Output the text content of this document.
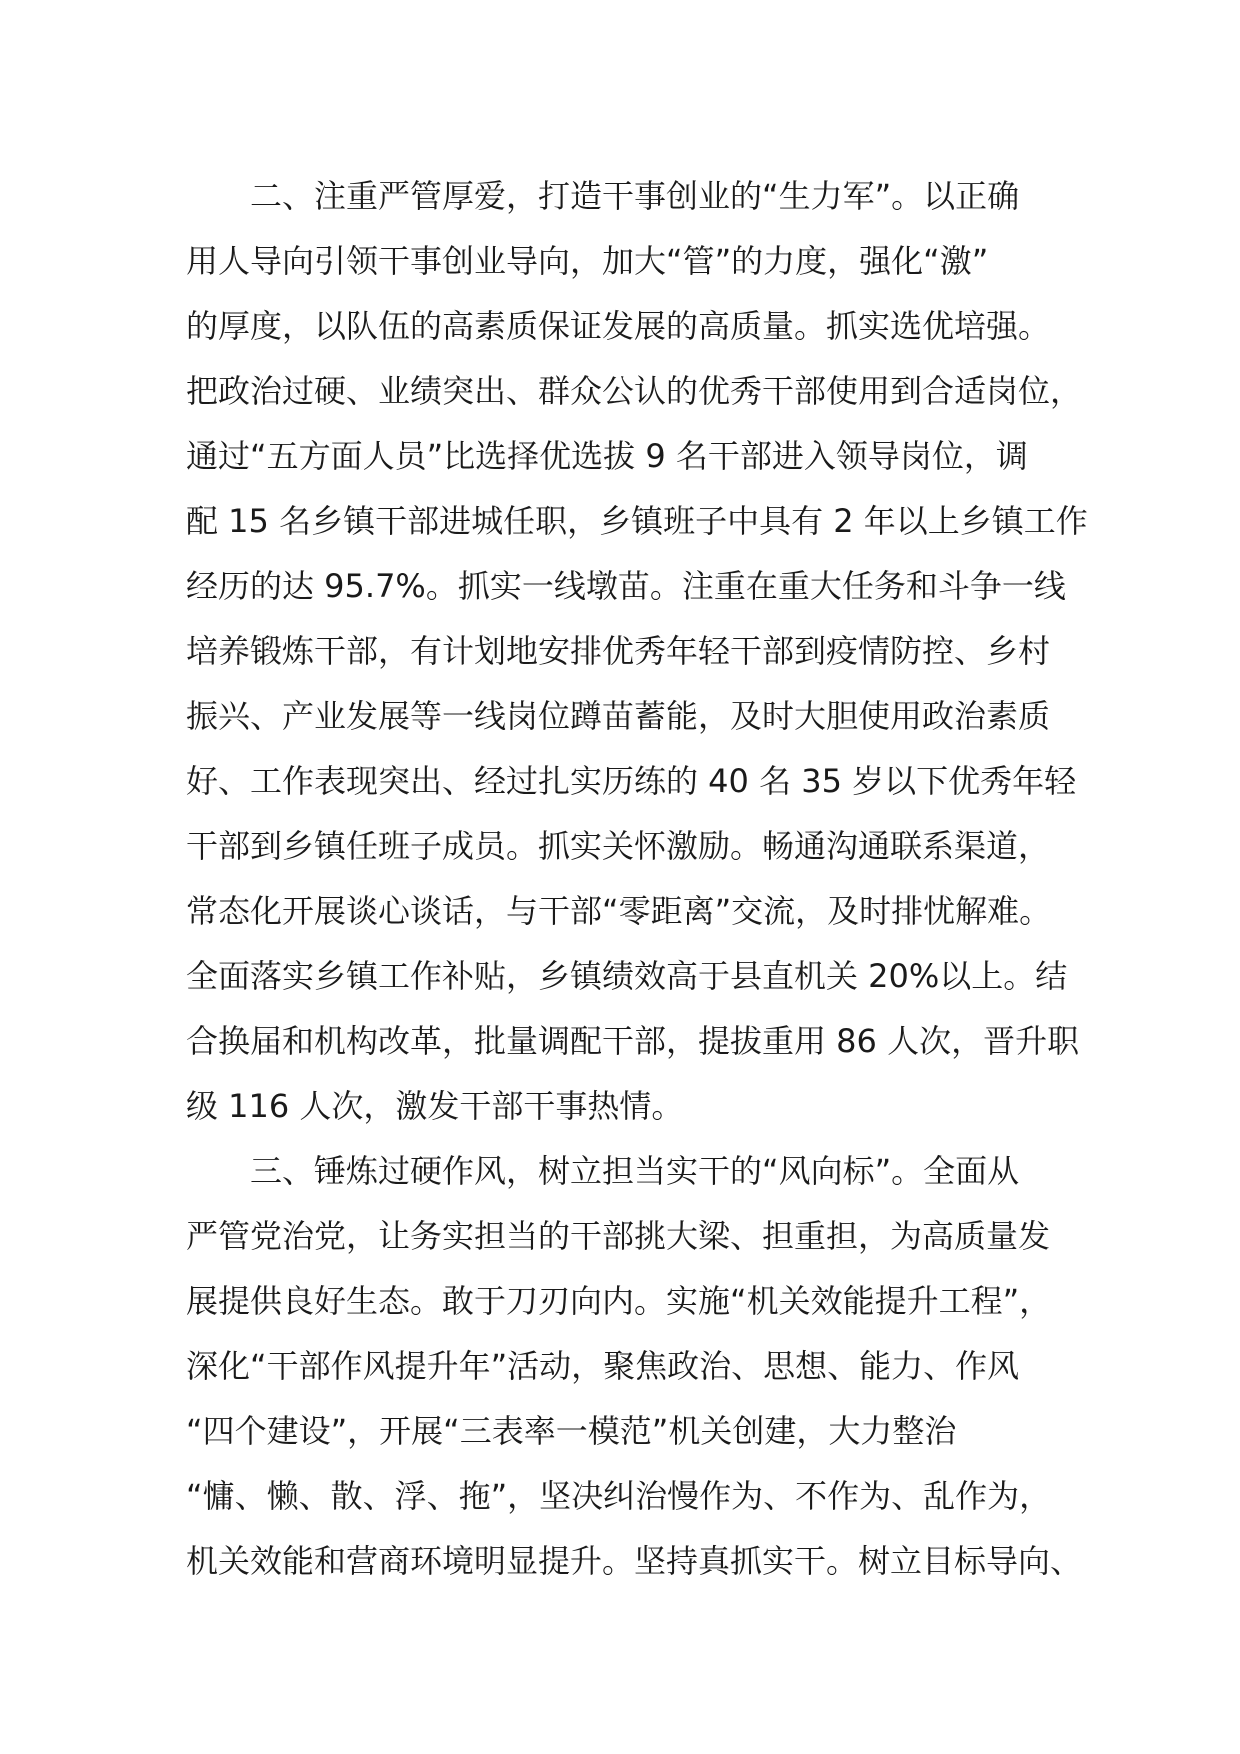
二、注重严管厚爱，打造干事创业的“生力军”。以正确
用人导向引领干事创业导向，加大“管”的力度，强化“激”
的厚度，以队伍的高素质保证发展的高质量。抓实选优培强。
把政治过硬、业绩突出、群众公认的优秀干部使用到合适岗位，
通过“五方面人员”比选择优选拔 9 名干部进入领导岗位，调
配 15 名乡镇干部进城任职，乡镇班子中具有 2 年以上乡镇工作
经历的达 95.7%。抓实一线墩苗。注重在重大任务和斗争一线
培养锻炼干部，有计划地安排优秀年轻干部到疫情防控、乡村
振兴、产业发展等一线岗位蹲苗蓄能，及时大胆使用政治素质
好、工作表现突出、经过扎实历练的 40 名 35 岁以下优秀年轻
干部到乡镇任班子成员。抓实关怀激励。畅通沟通联系渠道，
常态化开展谈心谈话，与干部“零距离”交流，及时排忧解难。
全面落实乡镇工作补贴，乡镇绩效高于县直机关 20%以上。结
合换届和机构改革，批量调配干部，提拔重用 86 人次，晋升职
级 116 人次，激发干部干事热情。
三、锤炼过硬作风，树立担当实干的“风向标”。全面从
严管党治党，让务实担当的干部挑大梁、担重担，为高质量发
展提供良好生态。敢于刀刃向内。实施“机关效能提升工程”，
深化“干部作风提升年”活动，聚焦政治、思想、能力、作风
“四个建设”，开展“三表率一模范”机关创建，大力整治
“慵、懒、散、浮、拖”，坚决纠治慢作为、不作为、乱作为，
机关效能和营商环境明显提升。坚持真抓实干。树立目标导向、
